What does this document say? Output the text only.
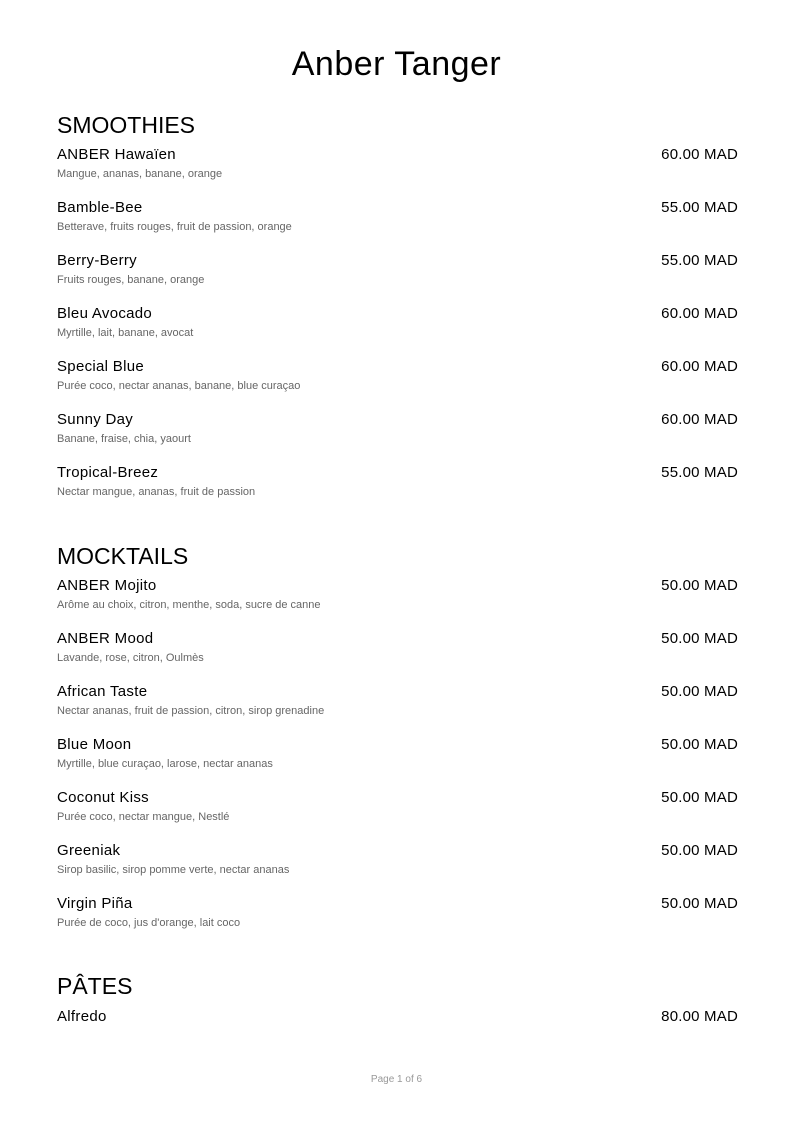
Anber Tanger
SMOOTHIES
ANBER Hawaïen	60.00 MAD
Mangue, ananas, banane, orange
Bamble-Bee	55.00 MAD
Betterave, fruits rouges, fruit de passion, orange
Berry-Berry	55.00 MAD
Fruits rouges, banane, orange
Bleu Avocado	60.00 MAD
Myrtille, lait, banane, avocat
Special Blue	60.00 MAD
Purée coco, nectar ananas, banane, blue curaçao
Sunny Day	60.00 MAD
Banane, fraise, chia, yaourt
Tropical-Breez	55.00 MAD
Nectar mangue, ananas, fruit de passion
MOCKTAILS
ANBER Mojito	50.00 MAD
Arôme au choix, citron, menthe, soda, sucre de canne
ANBER Mood	50.00 MAD
Lavande, rose, citron, Oulmès
African Taste	50.00 MAD
Nectar ananas, fruit de passion, citron, sirop grenadine
Blue Moon	50.00 MAD
Myrtille, blue curaçao, larose, nectar ananas
Coconut Kiss	50.00 MAD
Purée coco, nectar mangue, Nestlé
Greeniak	50.00 MAD
Sirop basilic, sirop pomme verte, nectar ananas
Virgin Piña	50.00 MAD
Purée de coco, jus d'orange, lait coco
PÂTES
Alfredo	80.00 MAD
Page 1 of 6
